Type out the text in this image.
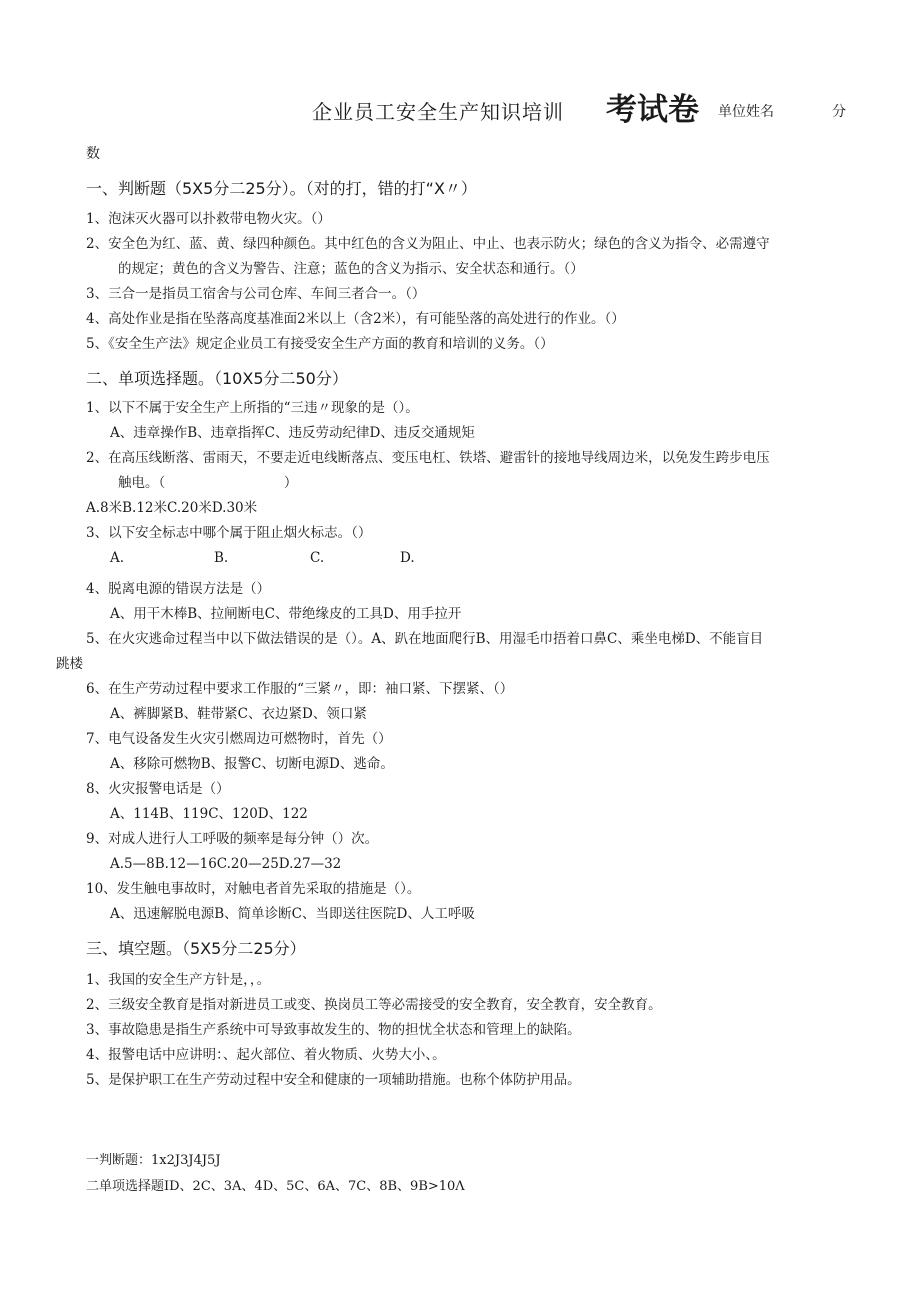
企业员工安全生产知识培训 考试卷 单位姓名	分
数
一、判断题（5X5分二25分）。（对的打，错的打“X〃）
1、泡沫灭火器可以扑救带电物火灾。（）
2、安全色为红、蓝、黄、绿四种颜色。其中红色的含义为阻止、中止、也表示防火；绿色的含义为指令、必需遵守
的规定；黄色的含义为警告、注意；蓝色的含义为指示、安全状态和通行。（）
3、三合一是指员工宿舍与公司仓库、车间三者合一。（）
4、高处作业是指在坠落高度基准面2米以上（含2米），有可能坠落的高处进行的作业。（）
5、《安全生产法》规定企业员工有接受安全生产方面的教育和培训的义务。（）
二、单项选择题。（10X5分二50分）
1、以下不属于安全生产上所指的“三违〃现象的是（）。
A、违章操作B、违章指挥C、违反劳动纪律D、违反交通规矩
2、在高压线断落、雷雨天，不要走近电线断落点、变压电杠、铁塔、避雷针的接地导线周边米，以免发生跨步电压
触电。（	）
A.8米B.12米C.20米D.30米
3、以下安全标志中哪个属于阻止烟火标志。（）
A.	B.	C.	D.
4、脱离电源的错误方法是（）
A、用干木棒B、拉闸断电C、带绝缘皮的工具D、用手拉开
5、在火灾逃命过程当中以下做法错误的是（）。A、趴在地面爬行B、用湿毛巾捂着口鼻C、乘坐电梯D、不能盲目
跳楼
6、在生产劳动过程中要求工作服的“三紧〃，即：袖口紧、下摆紧、（）
A、裤脚紧B、鞋带紧C、衣边紧D、领口紧
7、电气设备发生火灾引燃周边可燃物时，首先（）
A、移除可燃物B、报警C、切断电源D、逃命。
8、火灾报警电话是（）
A、114B、119C、120D、122
9、对成人进行人工呼吸的频率是每分钟（）次。
A.5—8B.12—16C.20—25D.27—32
10、发生触电事故时，对触电者首先采取的措施是（）。
A、迅速解脱电源B、简单诊断C、当即送往医院D、人工呼吸
三、填空题。（5X5分二25分）
1、我国的安全生产方针是，，。
2、三级安全教育是指对新进员工或变、换岗员工等必需接受的安全教育，安全教育，安全教育。
3、事故隐患是指生产系统中可导致事故发生的、物的担忧全状态和管理上的缺陷。
4、报警电话中应讲明：、起火部位、着火物质、火势大小、。
5、是保护职工在生产劳动过程中安全和健康的一项辅助措施。也称个体防护用品。
一判断题：1x2J3J4J5J
二单项选择题ID、2C、3A、4D、5C、6A、7C、8B、9B>10Λ
